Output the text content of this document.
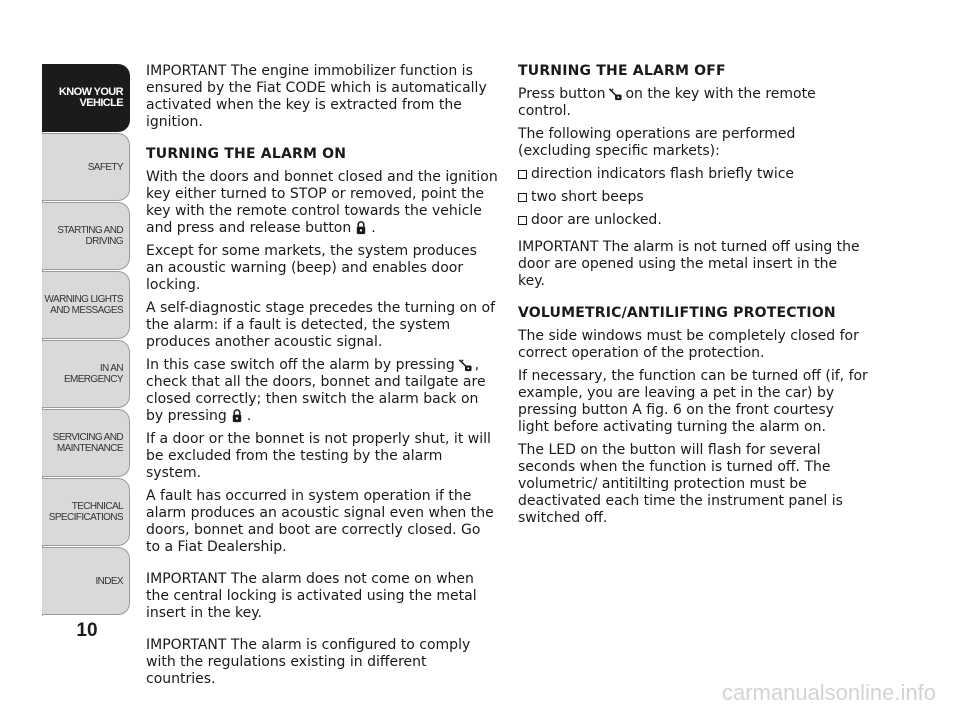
KNOW YOUR
VEHICLE
SAFETY
STARTING AND
DRIVING
WARNING LIGHTS
AND MESSAGES
IN AN EMERGENCY
SERVICING AND
MAINTENANCE
TECHNICAL
SPECIFICATIONS
INDEX
10

IMPORTANT The engine immobilizer function is ensured by the Fiat CODE which is automatically activated when the key is extracted from the ignition.

TURNING THE ALARM ON

With the doors and bonnet closed and the ignition key either turned to STOP or removed, point the key with the remote control towards the vehicle and press and release button .

Except for some markets, the system produces an acoustic warning (beep) and enables door locking.

A self-diagnostic stage precedes the turning on of the alarm: if a fault is detected, the system produces another acoustic signal.

In this case switch off the alarm by pressing , check that all the doors, bonnet and tailgate are closed correctly; then switch the alarm back on by pressing .

If a door or the bonnet is not properly shut, it will be excluded from the testing by the alarm system.

A fault has occurred in system operation if the alarm produces an acoustic signal even when the doors, bonnet and boot are correctly closed. Go to a Fiat Dealership.

IMPORTANT The alarm does not come on when the central locking is activated using the metal insert in the key.

IMPORTANT The alarm is configured to comply with the regulations existing in different countries.

TURNING THE ALARM OFF

Press button on the key with the remote control.

The following operations are performed (excluding specific markets):

direction indicators flash briefly twice

two short beeps

door are unlocked.

IMPORTANT The alarm is not turned off using the door are opened using the metal insert in the key.

VOLUMETRIC/ANTILIFTING PROTECTION

The side windows must be completely closed for correct operation of the protection.

If necessary, the function can be turned off (if, for example, you are leaving a pet in the car) by pressing button A fig. 6 on the front courtesy light before activating turning the alarm on.

The LED on the button will flash for several seconds when the function is turned off. The volumetric/ antitilting protection must be deactivated each time the instrument panel is switched off.

carmanualsonline.info
